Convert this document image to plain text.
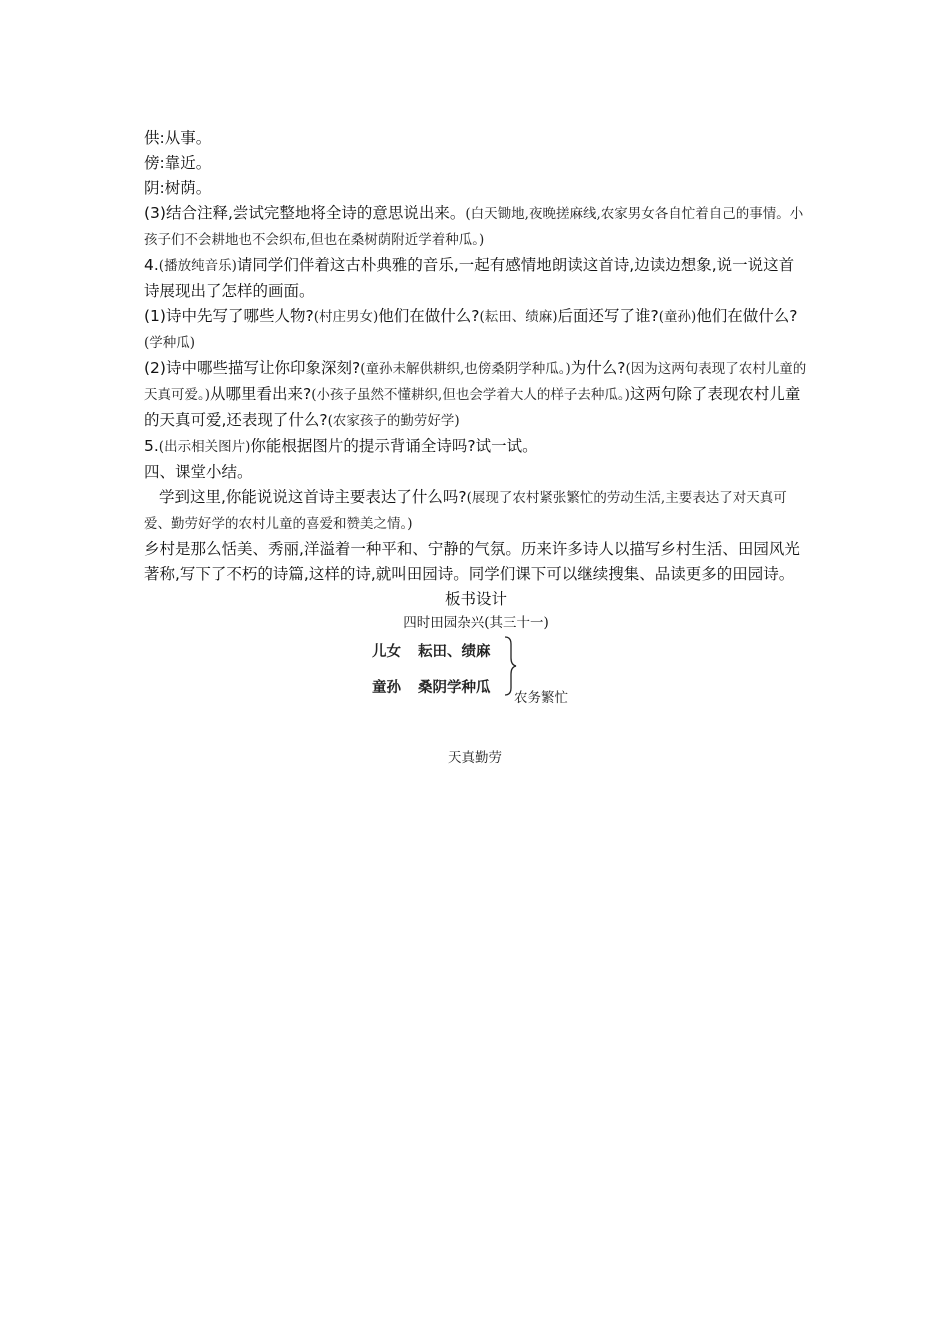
供:从事。
傍:靠近。
阴:树荫。
(3)结合注释,尝试完整地将全诗的意思说出来。(白天锄地,夜晚搓麻线,农家男女各自忙着自己的事情。小孩子们不会耕地也不会织布,但也在桑树荫附近学着种瓜。)
4.(播放纯音乐)请同学们伴着这古朴典雅的音乐,一起有感情地朗读这首诗,边读边想象,说一说这首诗展现出了怎样的画面。
(1)诗中先写了哪些人物?(村庄男女)他们在做什么?(耘田、绩麻)后面还写了谁?(童孙)他们在做什么?(学种瓜)
(2)诗中哪些描写让你印象深刻?(童孙未解供耕织,也傍桑阴学种瓜。)为什么?(因为这两句表现了农村儿童的天真可爱。)从哪里看出来?(小孩子虽然不懂耕织,但也会学着大人的样子去种瓜。)这两句除了表现农村儿童的天真可爱,还表现了什么?(农家孩子的勤劳好学)
5.(出示相关图片)你能根据图片的提示背诵全诗吗?试一试。
四、课堂小结。
学到这里,你能说说这首诗主要表达了什么吗?(展现了农村紧张繁忙的劳动生活,主要表达了对天真可爱、勤劳好学的农村儿童的喜爱和赞美之情。)
乡村是那么恬美、秀丽,洋溢着一种平和、宁静的气氛。历来许多诗人以描写乡村生活、田园风光著称,写下了不朽的诗篇,这样的诗,就叫田园诗。同学们课下可以继续搜集、品读更多的田园诗。
板书设计
四时田园杂兴(其三十一)
儿女 耘田、绩麻
童孙 桑阴学种瓜
农务繁忙
天真勤劳
